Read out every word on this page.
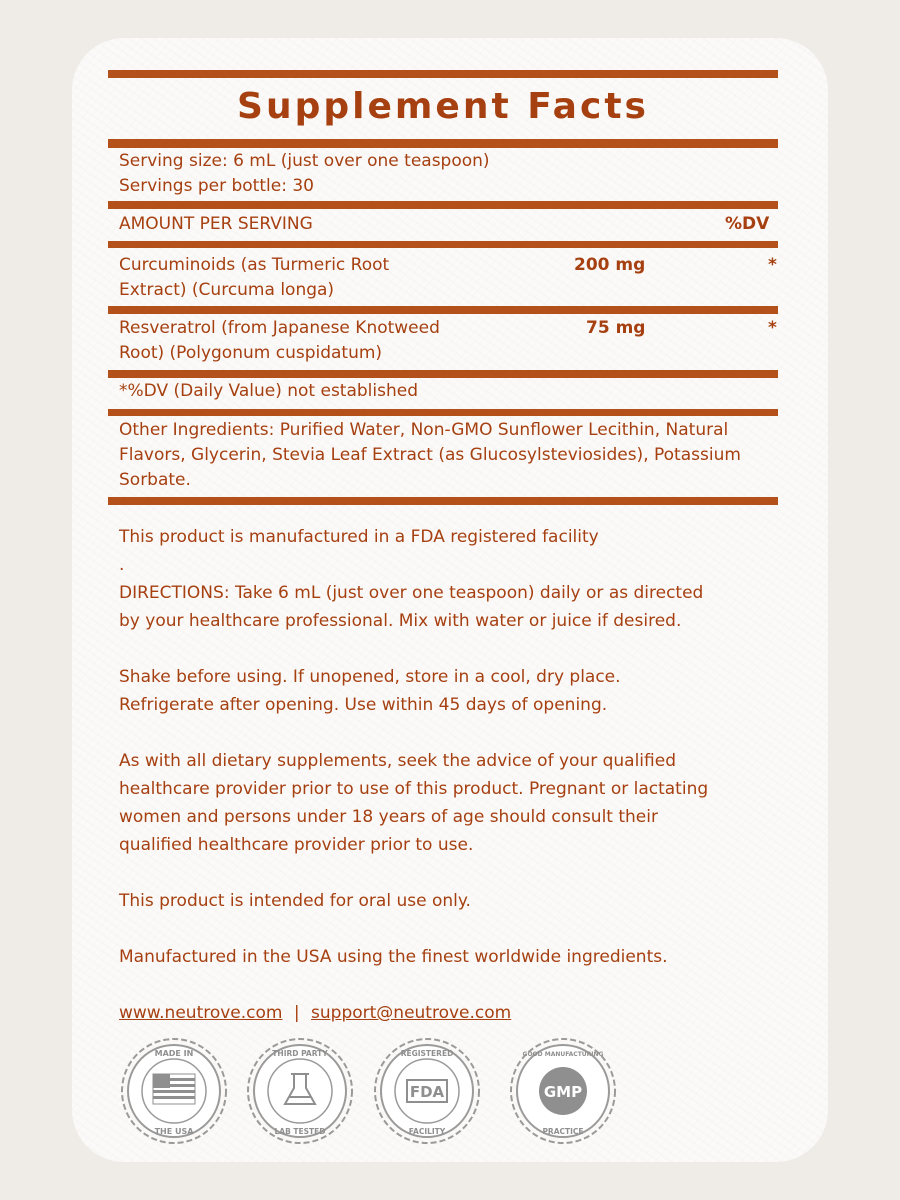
Supplement Facts
Serving size: 6 mL (just over one teaspoon)
Servings per bottle: 30
AMOUNT PER SERVING	%DV
Curcuminoids (as Turmeric Root
Extract) (Curcuma longa)
200 mg	*
Resveratrol (from Japanese Knotweed
Root) (Polygonum cuspidatum)
75 mg	*
*%DV (Daily Value) not established
Other Ingredients: Purified Water, Non-GMO Sunflower Lecithin, Natural
Flavors, Glycerin, Stevia Leaf Extract (as Glucosylsteviosides), Potassium
Sorbate.
This product is manufactured in a FDA registered facility
.
DIRECTIONS: Take 6 mL (just over one teaspoon) daily or as directed
by your healthcare professional. Mix with water or juice if desired.
Shake before using. If unopened, store in a cool, dry place.
Refrigerate after opening. Use within 45 days of opening.
As with all dietary supplements, seek the advice of your qualified
healthcare provider prior to use of this product. Pregnant or lactating
women and persons under 18 years of age should consult their
qualified healthcare provider prior to use.
This product is intended for oral use only.
Manufactured in the USA using the finest worldwide ingredients.
www.neutrove.com | support@neutrove.com
MADE IN
THE USA
THIRD PARTY
LAB TESTED
REGISTERED
FDA
FACILITY
GOOD MANUFACTURING
GMP
PRACTICE
